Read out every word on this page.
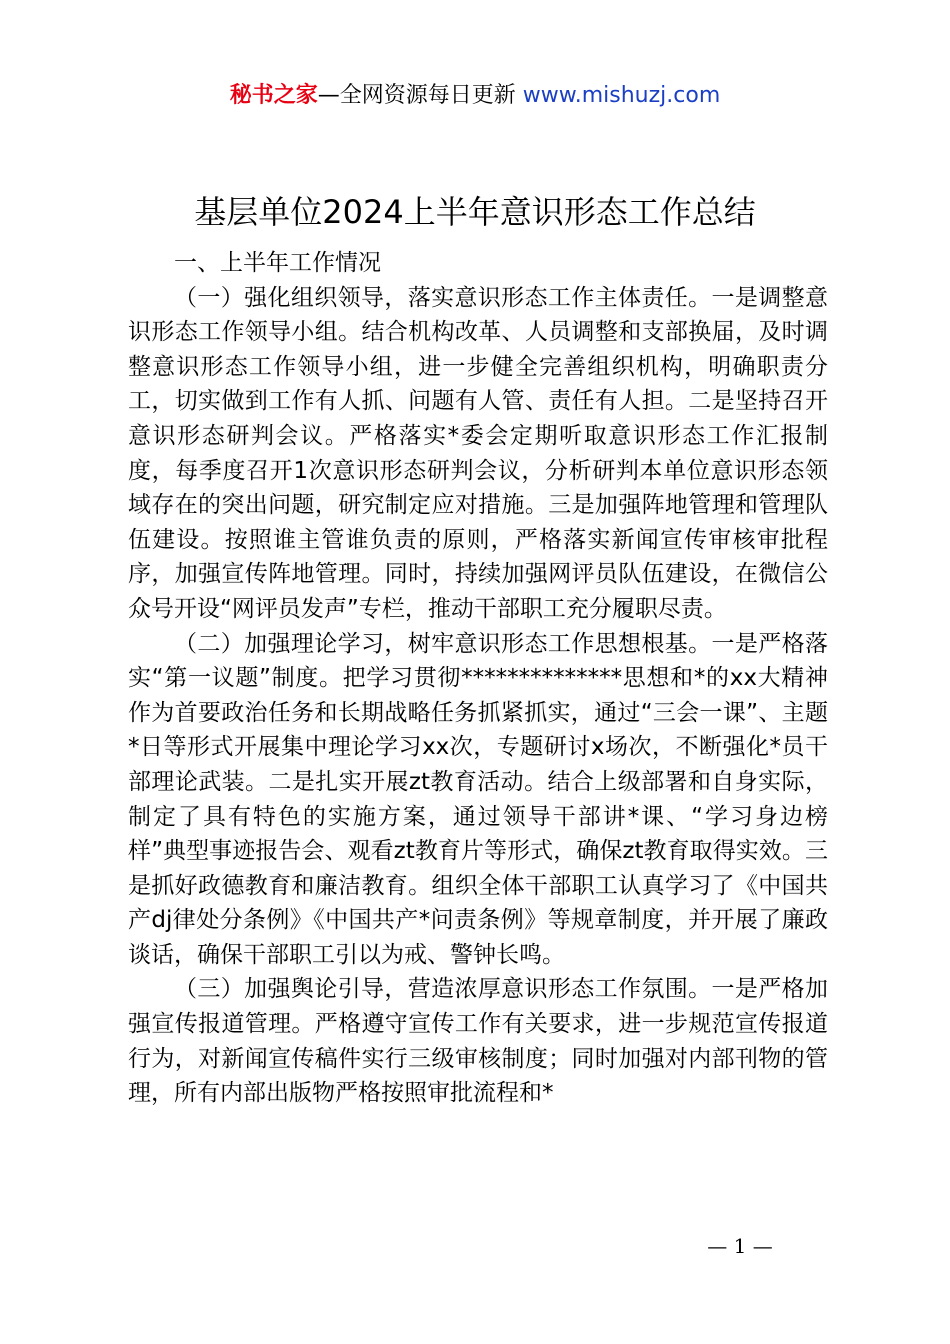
秘书之家—全网资源每日更新 www.mishuzj.com
基层单位2024上半年意识形态工作总结

一、上半年工作情况

（一）强化组织领导，落实意识形态工作主体责任。一是调整意识形态工作领导小组。结合机构改革、人员调整和支部换届，及时调整意识形态工作领导小组，进一步健全完善组织机构，明确职责分工，切实做到工作有人抓、问题有人管、责任有人担。二是坚持召开意识形态研判会议。严格落实*委会定期听取意识形态工作汇报制度，每季度召开1次意识形态研判会议，分析研判本单位意识形态领域存在的突出问题，研究制定应对措施。三是加强阵地管理和管理队伍建设。按照谁主管谁负责的原则，严格落实新闻宣传审核审批程序，加强宣传阵地管理。同时，持续加强网评员队伍建设，在微信公众号开设“网评员发声”专栏，推动干部职工充分履职尽责。

（二）加强理论学习，树牢意识形态工作思想根基。一是严格落实“第一议题”制度。把学习贯彻**************思想和*的xx大精神作为首要政治任务和长期战略任务抓紧抓实，通过“三会一课”、主题*日等形式开展集中理论学习xx次，专题研讨x场次，不断强化*员干部理论武装。二是扎实开展zt教育活动。结合上级部署和自身实际，制定了具有特色的实施方案，通过领导干部讲*课、“学习身边榜样”典型事迹报告会、观看zt教育片等形式，确保zt教育取得实效。三是抓好政德教育和廉洁教育。组织全体干部职工认真学习了《中国共产dj律处分条例》《中国共产*问责条例》等规章制度，并开展了廉政谈话，确保干部职工引以为戒、警钟长鸣。

（三）加强舆论引导，营造浓厚意识形态工作氛围。一是严格加强宣传报道管理。严格遵守宣传工作有关要求，进一步规范宣传报道行为，对新闻宣传稿件实行三级审核制度；同时加强对内部刊物的管理，所有内部出版物严格按照审批流程和*

— 1 —
